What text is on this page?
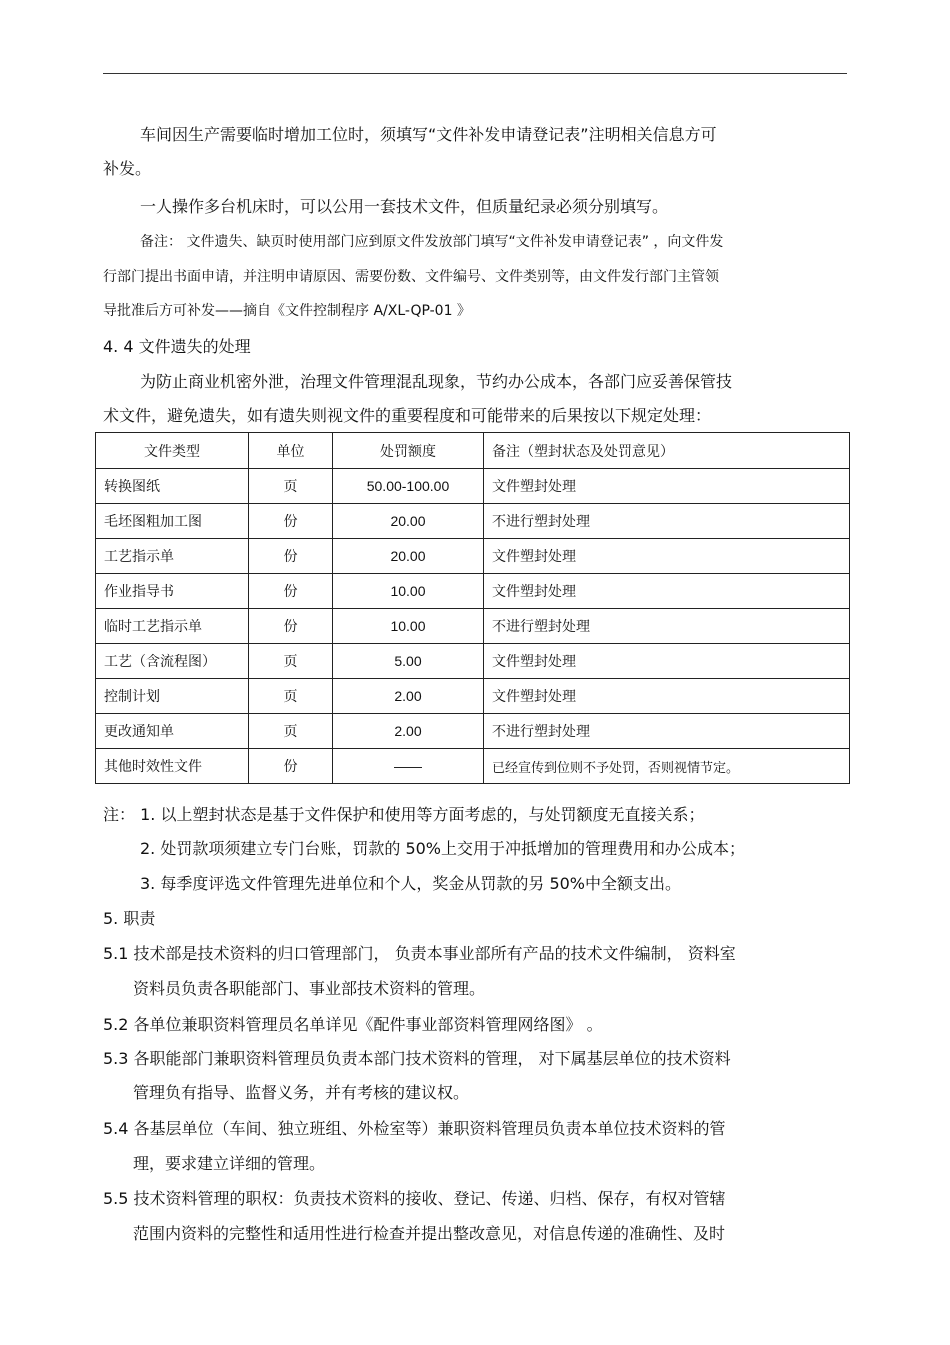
车间因生产需要临时增加工位时，须填写“文件补发申请登记表”注明相关信息方可
补发。
一人操作多台机床时，可以公用一套技术文件，但质量纪录必须分别填写。
备注： 文件遗失、缺页时使用部门应到原文件发放部门填写“文件补发申请登记表” ，向文件发
行部门提出书面申请，并注明申请原因、需要份数、文件编号、文件类别等，由文件发行部门主管领
导批准后方可补发——摘自《文件控制程序 A/XL-QP-01 》
4. 4 文件遗失的处理
为防止商业机密外泄，治理文件管理混乱现象，节约办公成本，各部门应妥善保管技
术文件，避免遗失，如有遗失则视文件的重要程度和可能带来的后果按以下规定处理：
文件类型	单位	处罚额度	备注（塑封状态及处罚意见）
转换图纸	页	50.00-100.00	文件塑封处理
毛坯图粗加工图	份	20.00	不进行塑封处理
工艺指示单	份	20.00	文件塑封处理
作业指导书	份	10.00	文件塑封处理
临时工艺指示单	份	10.00	不进行塑封处理
工艺（含流程图）	页	5.00	文件塑封处理
控制计划	页	2.00	文件塑封处理
更改通知单	页	2.00	不进行塑封处理
其他时效性文件	份	——	已经宣传到位则不予处罚，否则视情节定。
注： 1. 以上塑封状态是基于文件保护和使用等方面考虑的，与处罚额度无直接关系；
2. 处罚款项须建立专门台账，罚款的 50%上交用于冲抵增加的管理费用和办公成本；
3. 每季度评选文件管理先进单位和个人，奖金从罚款的另 50%中全额支出。
5. 职责
5.1 技术部是技术资料的归口管理部门， 负责本事业部所有产品的技术文件编制， 资料室
资料员负责各职能部门、事业部技术资料的管理。
5.2 各单位兼职资料管理员名单详见《配件事业部资料管理网络图》 。
5.3 各职能部门兼职资料管理员负责本部门技术资料的管理， 对下属基层单位的技术资料
管理负有指导、监督义务，并有考核的建议权。
5.4 各基层单位（车间、独立班组、外检室等）兼职资料管理员负责本单位技术资料的管
理，要求建立详细的管理。
5.5 技术资料管理的职权：负责技术资料的接收、登记、传递、归档、保存，有权对管辖
范围内资料的完整性和适用性进行检查并提出整改意见，对信息传递的准确性、及时
